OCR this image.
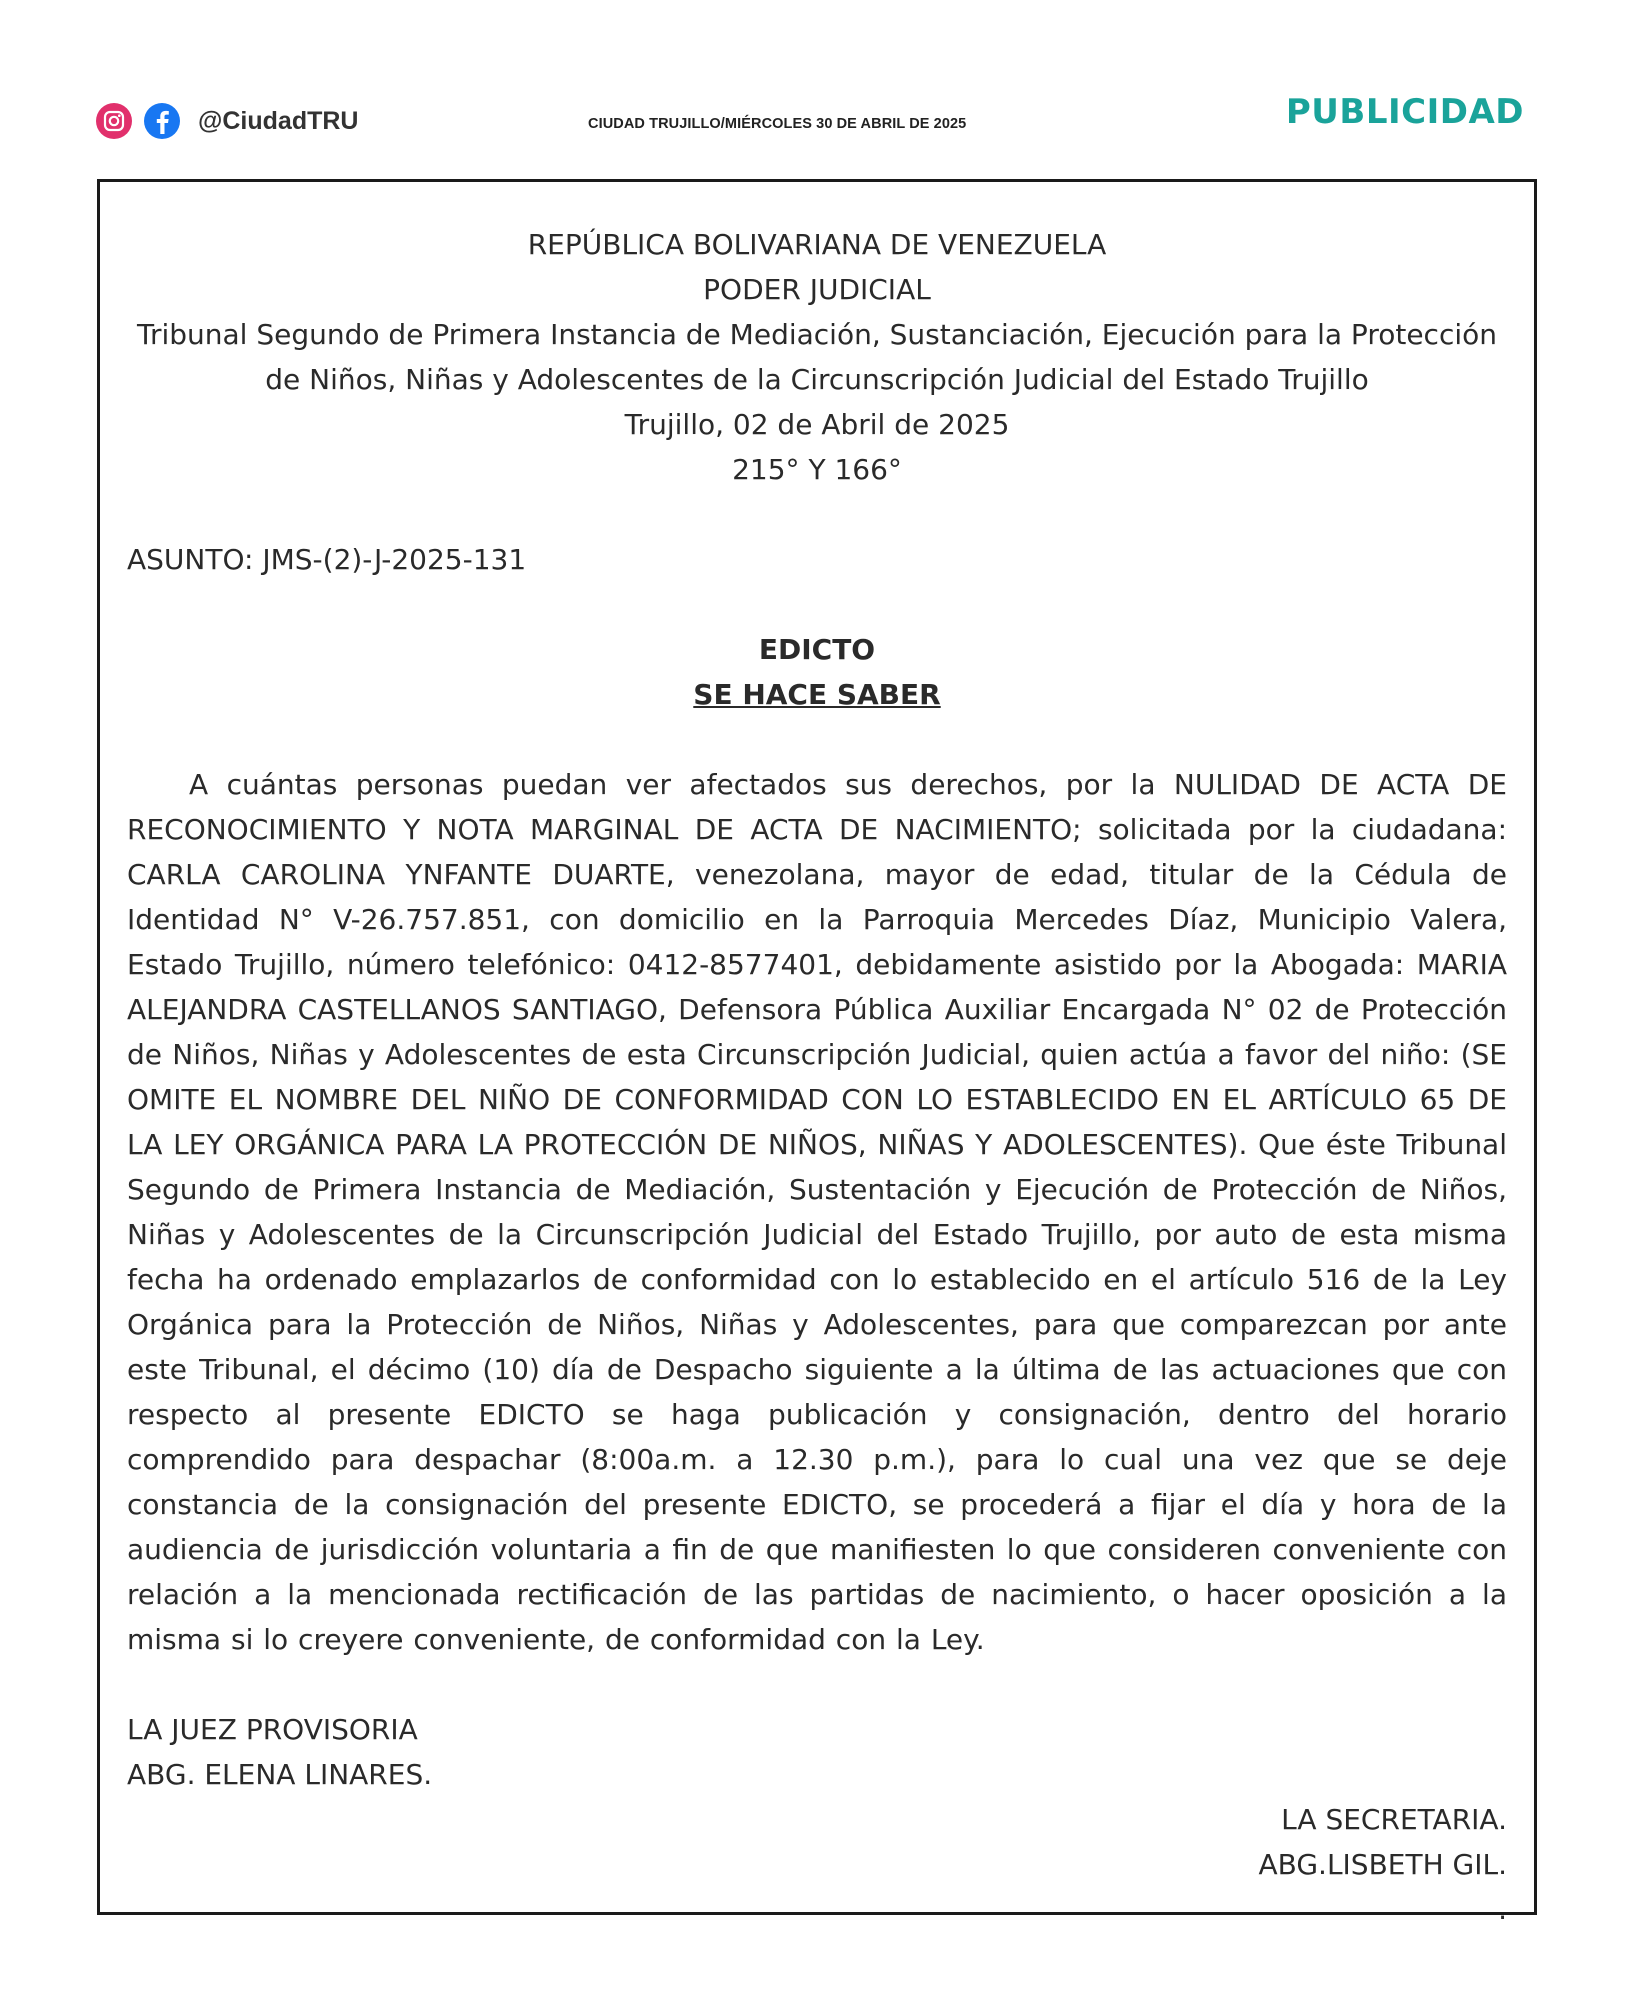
@CiudadTRU	CIUDAD TRUJILLO/MIÉRCOLES 30 DE ABRIL DE 2025	PUBLICIDAD
REPÚBLICA BOLIVARIANA DE VENEZUELA
PODER JUDICIAL
Tribunal Segundo de Primera Instancia de Mediación, Sustanciación, Ejecución para la Protección
de Niños, Niñas y Adolescentes de la Circunscripción Judicial del Estado Trujillo
Trujillo, 02 de Abril de 2025
215° Y 166°
ASUNTO: JMS-(2)-J-2025-131
EDICTO
SE HACE SABER
A cuántas personas puedan ver afectados sus derechos, por la NULIDAD DE ACTA DE RECONOCIMIENTO Y NOTA MARGINAL DE ACTA DE NACIMIENTO; solicitada por la ciudadana: CARLA CAROLINA YNFANTE DUARTE, venezolana, mayor de edad, titular de la Cédula de Identidad N° V-26.757.851, con domicilio en la Parroquia Mercedes Díaz, Municipio Valera, Estado Trujillo, número telefónico: 0412-8577401, debidamente asistido por la Abogada: MARIA ALEJANDRA CASTELLANOS SANTIAGO, Defensora Pública Auxiliar Encargada N° 02 de Protección de Niños, Niñas y Adolescentes de esta Circunscripción Judicial, quien actúa a favor del niño: (SE OMITE EL NOMBRE DEL NIÑO DE CONFORMIDAD CON LO ESTABLECIDO EN EL ARTÍCULO 65 DE LA LEY ORGÁNICA PARA LA PROTECCIÓN DE NIÑOS, NIÑAS Y ADOLESCENTES). Que éste Tribunal Segundo de Primera Instancia de Mediación, Sustentación y Ejecución de Protección de Niños, Niñas y Adolescentes de la Circunscripción Judicial del Estado Trujillo, por auto de esta misma fecha ha ordenado emplazarlos de conformidad con lo establecido en el artículo 516 de la Ley Orgánica para la Protección de Niños, Niñas y Adolescentes, para que comparezcan por ante este Tribunal, el décimo (10) día de Despacho siguiente a la última de las actuaciones que con respecto al presente EDICTO se haga publicación y consignación, dentro del horario comprendido para despachar (8:00a.m. a 12.30 p.m.), para lo cual una vez que se deje constancia de la consignación del presente EDICTO, se procederá a fijar el día y hora de la audiencia de jurisdicción voluntaria a fin de que manifiesten lo que consideren conveniente con relación a la mencionada rectificación de las partidas de nacimiento, o hacer oposición a la misma si lo creyere conveniente, de conformidad con la Ley.
LA JUEZ PROVISORIA
ABG. ELENA LINARES.
LA SECRETARIA.
ABG.LISBETH GIL.
.
